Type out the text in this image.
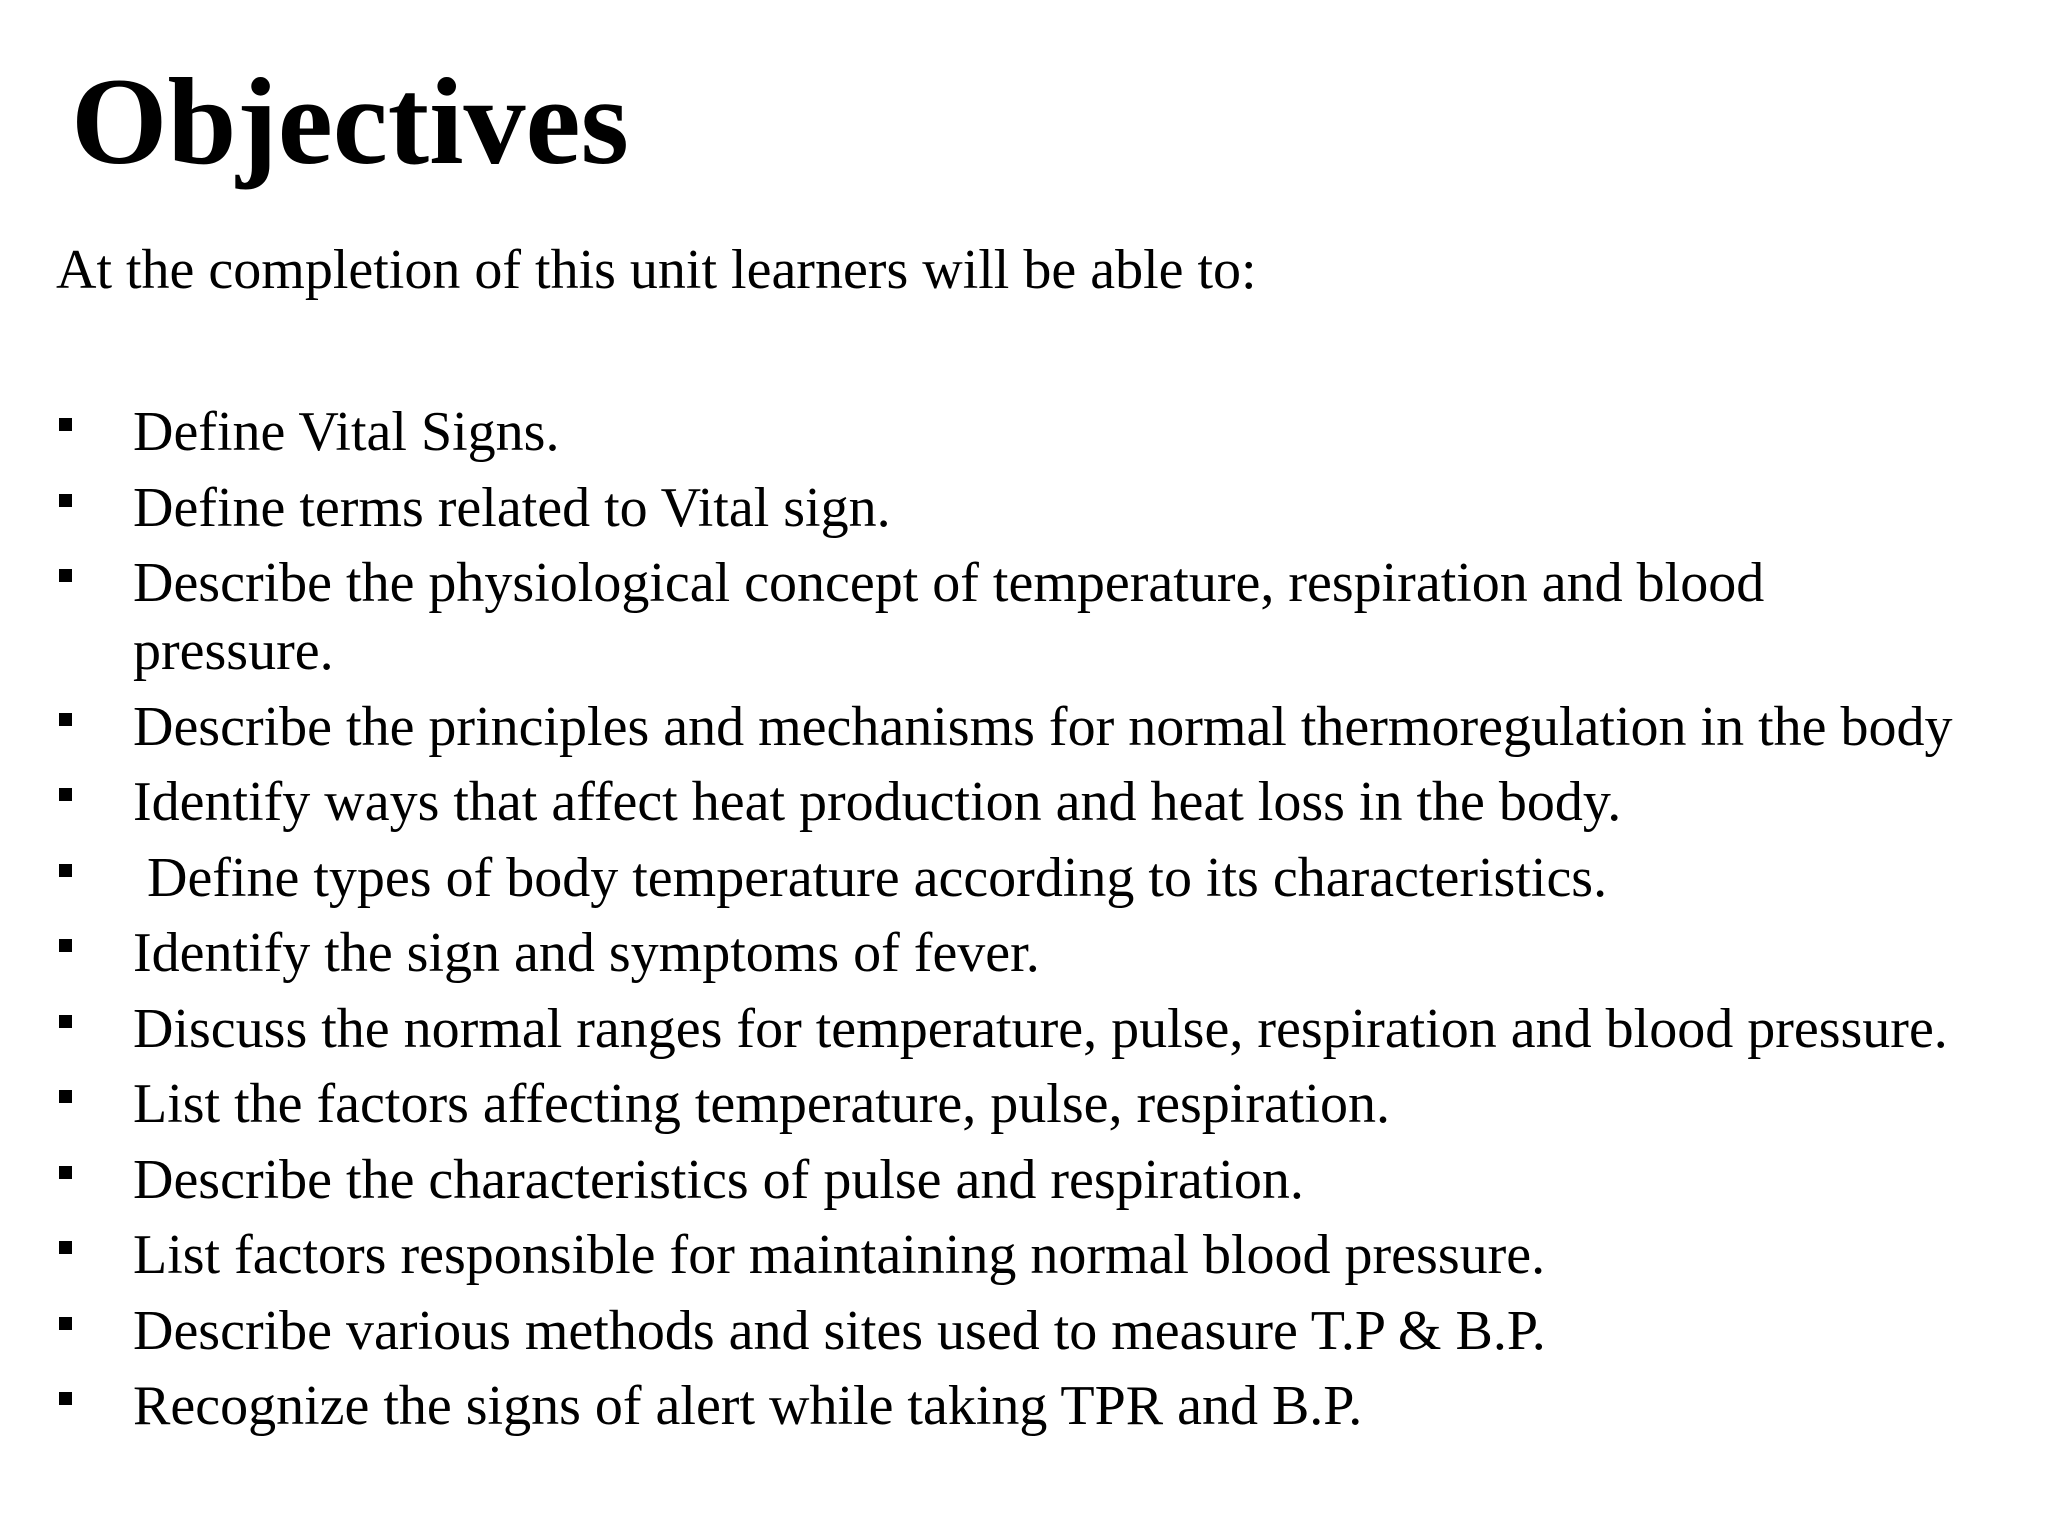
Objectives

At the completion of this unit learners will be able to:

Define Vital Signs.
Define terms related to Vital sign.
Describe the physiological concept of temperature, respiration and blood pressure.
Describe the principles and mechanisms for normal thermoregulation in the body
Identify ways that affect heat production and heat loss in the body.
Define types of body temperature according to its characteristics.
Identify the sign and symptoms of fever.
Discuss the normal ranges for temperature, pulse, respiration and blood pressure.
List the factors affecting temperature, pulse, respiration.
Describe the characteristics of pulse and respiration.
List factors responsible for maintaining normal blood pressure.
Describe various methods and sites used to measure T.P & B.P.
Recognize the signs of alert while taking TPR and B.P.
